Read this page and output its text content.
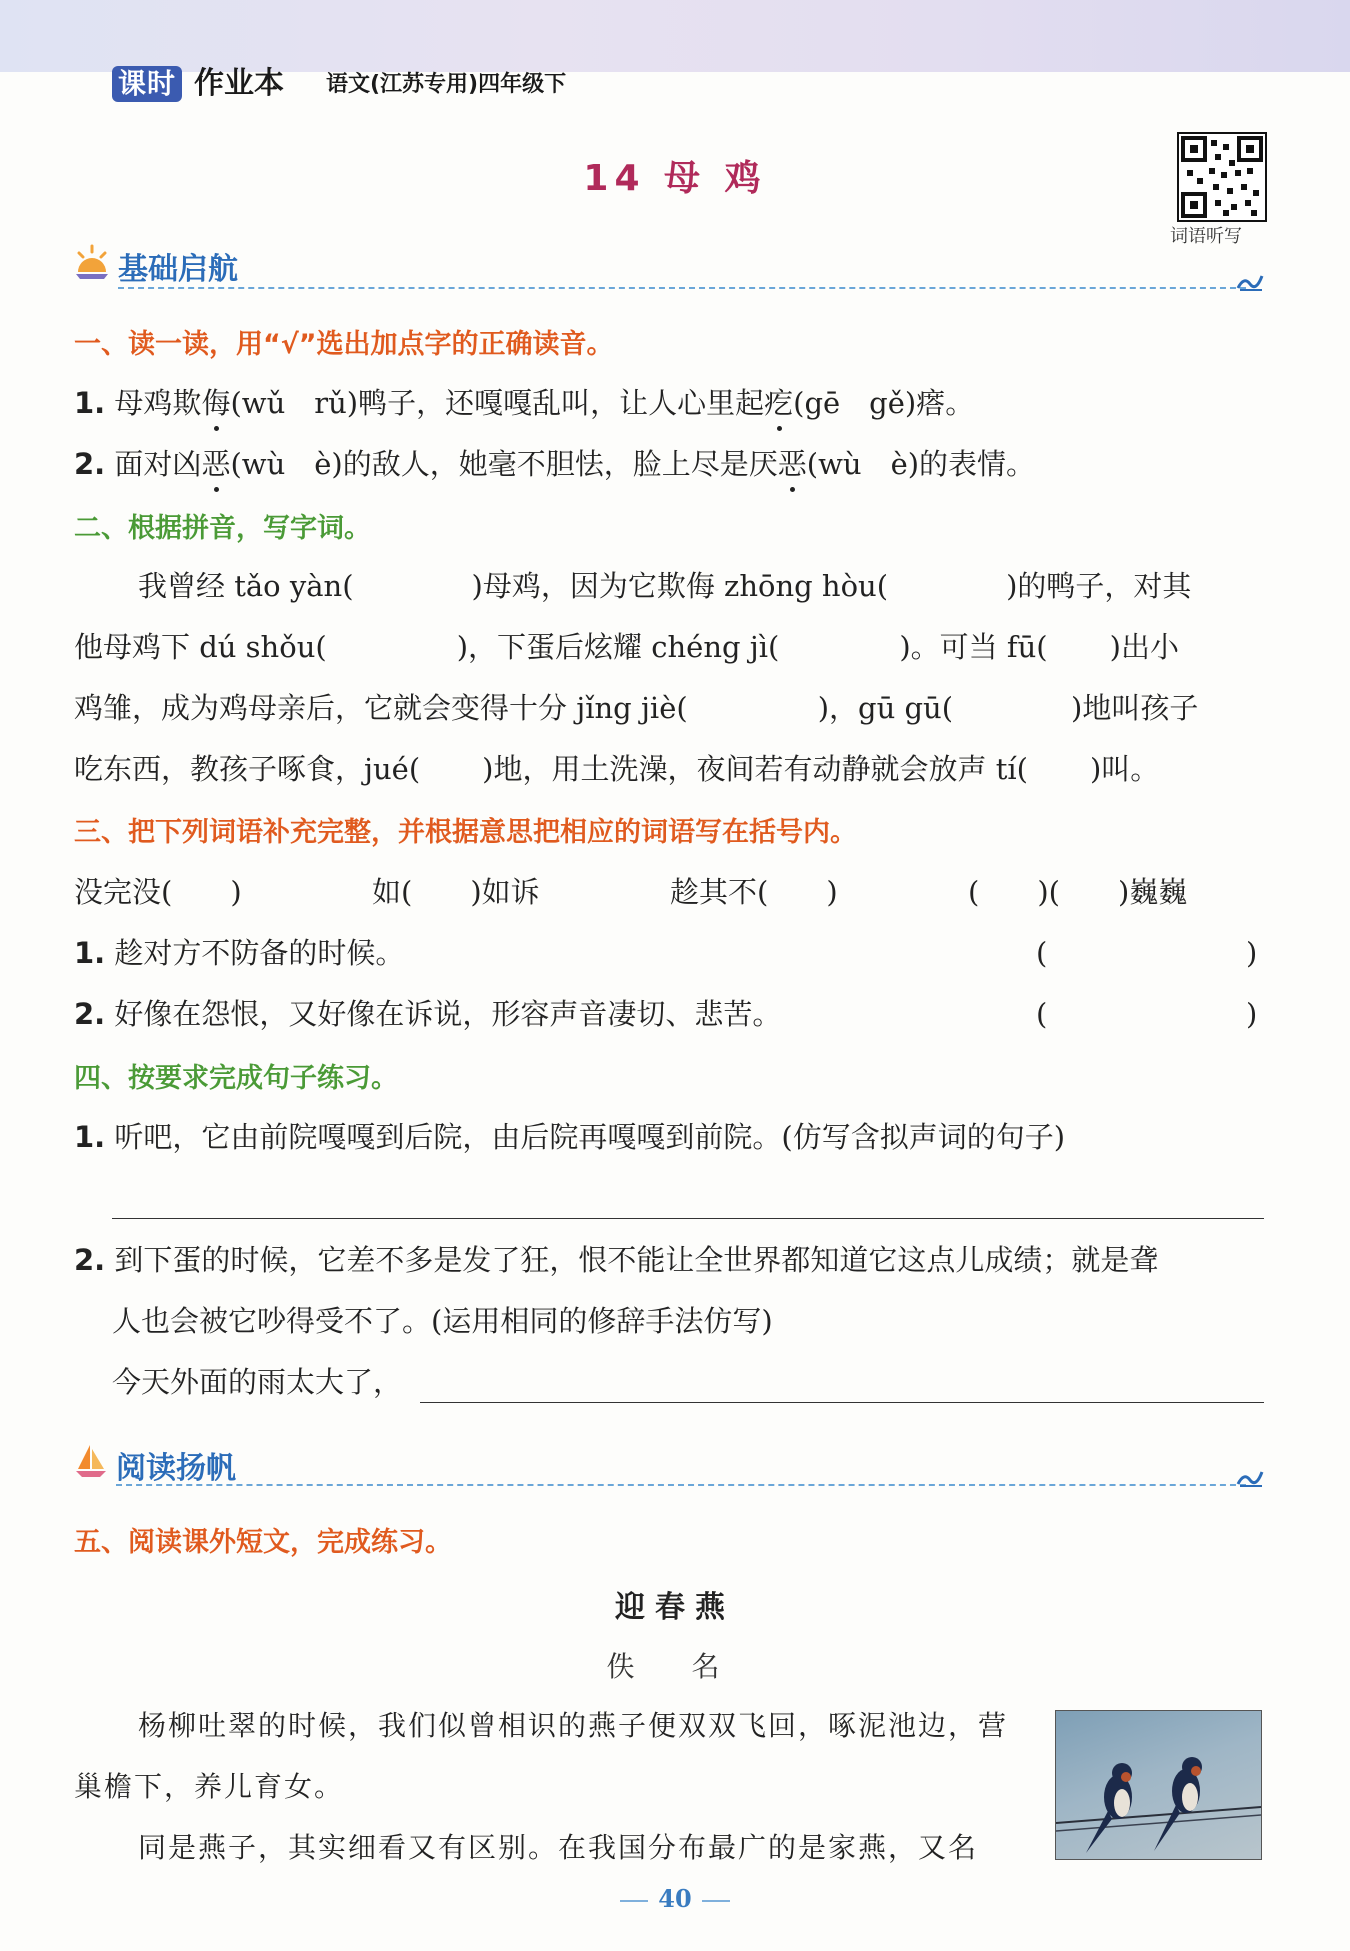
课时 作业本 语文(江苏专用)四年级下
14 母 鸡
词语听写
基础启航
一、读一读，用“√”选出加点字的正确读音。
1. 母鸡欺侮(wǔ　rǔ)鸭子，还嘎嘎乱叫，让人心里起疙(gē　gě)瘩。
2. 面对凶恶(wù　è)的敌人，她毫不胆怯，脸上尽是厌恶(wù　è)的表情。
二、根据拼音，写字词。
我曾经 tǎo yàn(	)母鸡，因为它欺侮 zhōng hòu(	)的鸭子，对其
他母鸡下 dú shǒu(	)，下蛋后炫耀 chéng jì(	)。可当 fū( )出小
鸡雏，成为鸡母亲后，它就会变得十分 jǐng jiè(	)，gū gū(	)地叫孩子
吃东西，教孩子啄食，jué( )地，用土洗澡，夜间若有动静就会放声 tí( )叫。
三、把下列词语补充完整，并根据意思把相应的词语写在括号内。
没完没(　　)	如(　　)如诉	趁其不(　　)	(　　)(　　)巍巍
1. 趁对方不防备的时候。	(	)
2. 好像在怨恨，又好像在诉说，形容声音凄切、悲苦。	(	)
四、按要求完成句子练习。
1. 听吧，它由前院嘎嘎到后院，由后院再嘎嘎到前院。(仿写含拟声词的句子)
2. 到下蛋的时候，它差不多是发了狂，恨不能让全世界都知道它这点儿成绩；就是聋
人也会被它吵得受不了。(运用相同的修辞手法仿写)
今天外面的雨太大了，
阅读扬帆
五、阅读课外短文，完成练习。
迎春燕
佚 名
杨柳吐翠的时候，我们似曾相识的燕子便双双飞回，啄泥池边，营
巢檐下，养儿育女。
同是燕子，其实细看又有区别。在我国分布最广的是家燕，又名
40
